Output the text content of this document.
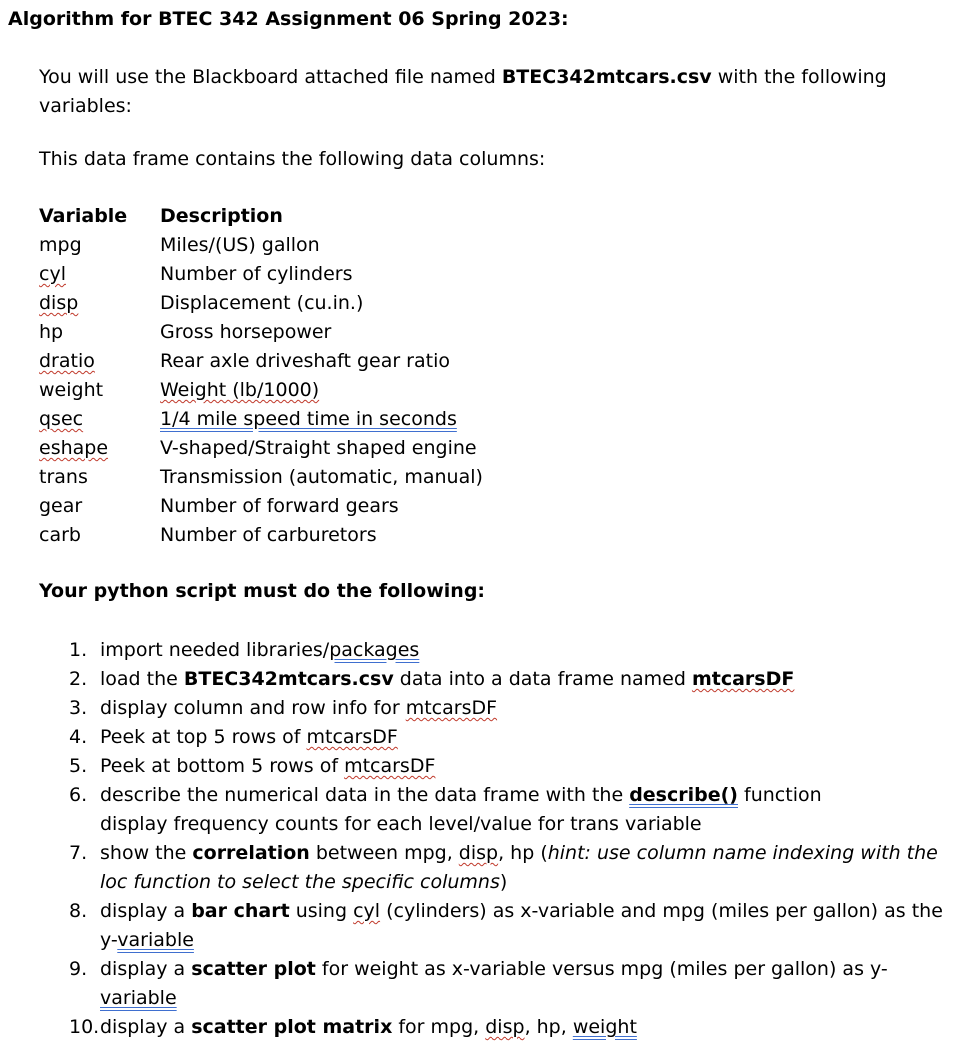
Algorithm for BTEC 342 Assignment 06 Spring 2023:
You will use the Blackboard attached file named BTEC342mtcars.csv with the following variables:
This data frame contains the following data columns:
Variable	Description
mpg	Miles/(US) gallon
cyl	Number of cylinders
disp	Displacement (cu.in.)
hp	Gross horsepower
dratio	Rear axle driveshaft gear ratio
weight	Weight (lb/1000)
qsec	1/4 mile speed time in seconds
eshape	V-shaped/Straight shaped engine
trans	Transmission (automatic, manual)
gear	Number of forward gears
carb	Number of carburetors
Your python script must do the following:
1. import needed libraries/packages
2. load the BTEC342mtcars.csv data into a data frame named mtcarsDF
3. display column and row info for mtcarsDF
4. Peek at top 5 rows of mtcarsDF
5. Peek at bottom 5 rows of mtcarsDF
6. describe the numerical data in the data frame with the describe() function
display frequency counts for each level/value for trans variable
7. show the correlation between mpg, disp, hp (hint: use column name indexing with the loc function to select the specific columns)
8. display a bar chart using cyl (cylinders) as x-variable and mpg (miles per gallon) as the y-variable
9. display a scatter plot for weight as x-variable versus mpg (miles per gallon) as y-variable
10. display a scatter plot matrix for mpg, disp, hp, weight
